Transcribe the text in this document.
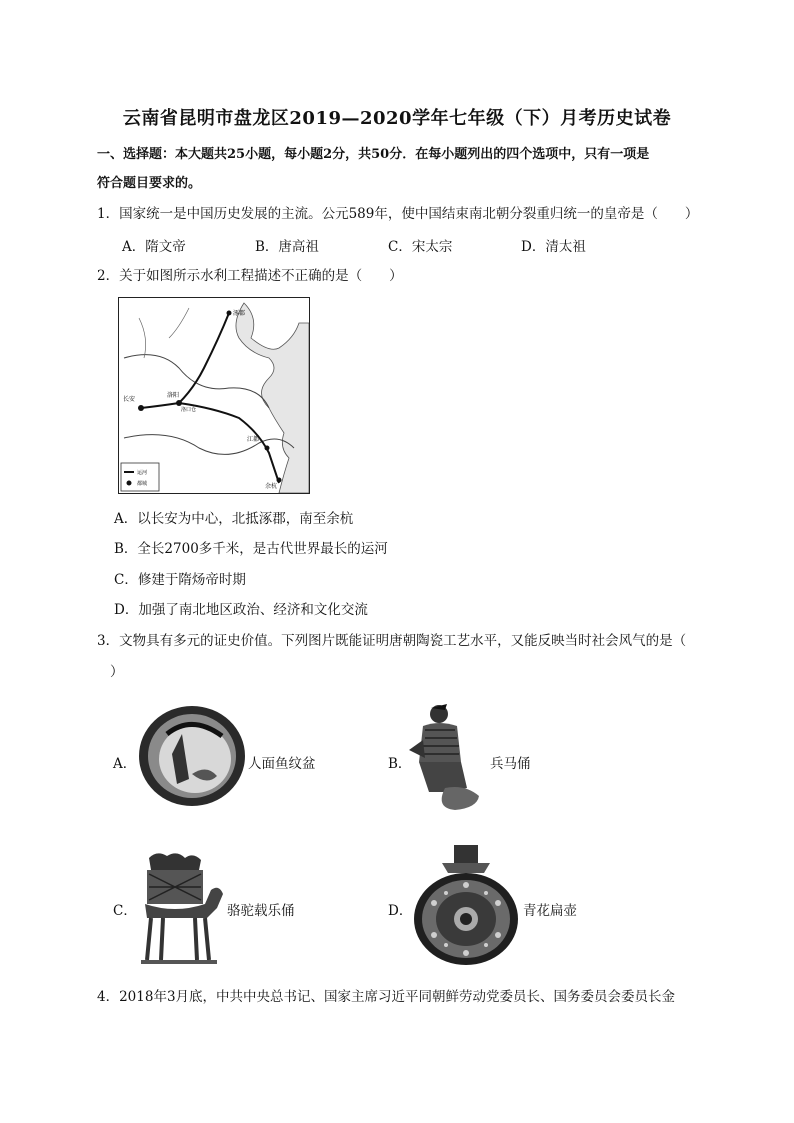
云南省昆明市盘龙区2019—2020学年七年级（下）月考历史试卷
一、选择题：本大题共25小题，每小题2分，共50分．在每小题列出的四个选项中，只有一项是
符合题目要求的。
1．国家统一是中国历史发展的主流。公元589年，使中国结束南北朝分裂重归统一的皇帝是（　　）
A．隋文帝	B．唐高祖	C．宋太宗	D．清太祖
2．关于如图所示水利工程描述不正确的是（　　）
涿郡
长安
洛阳
江都
余杭
洛口仓
运河
都城
A．以长安为中心，北抵涿郡，南至余杭
B．全长2700多千米，是古代世界最长的运河
C．修建于隋炀帝时期
D．加强了南北地区政治、经济和文化交流
3．文物具有多元的证史价值。下列图片既能证明唐朝陶瓷工艺水平，又能反映当时社会风气的是（
）
A．	人面鱼纹盆	B．	兵马俑
C．	骆驼载乐俑	D．	青花扁壶
4．2018年3月底，中共中央总书记、国家主席习近平同朝鲜劳动党委员长、国务委员会委员长金
